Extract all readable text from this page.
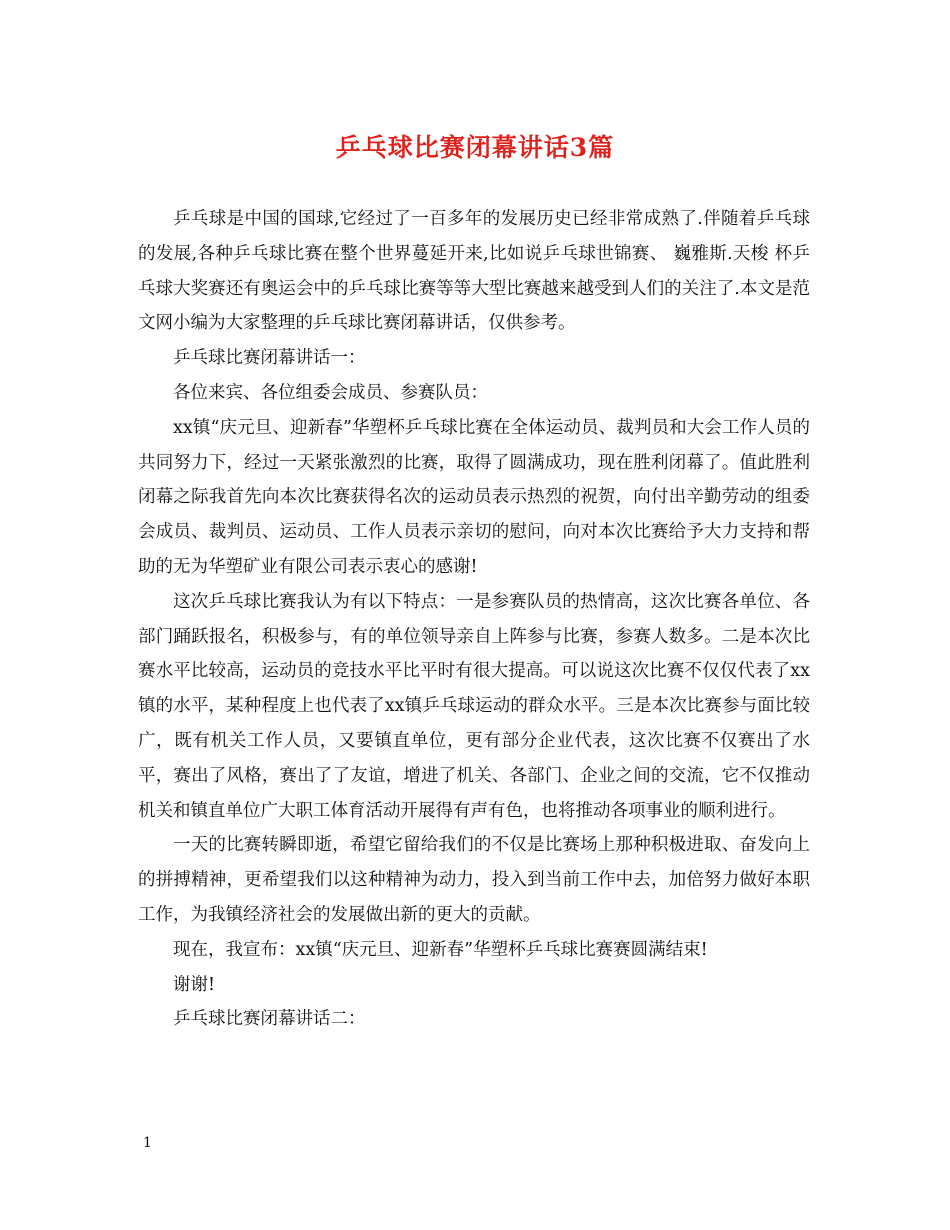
乒乓球比赛闭幕讲话3篇

乒乓球是中国的国球,它经过了一百多年的发展历史已经非常成熟了.伴随着乒乓球的发展,各种乒乓球比赛在整个世界蔓延开来,比如说乒乓球世锦赛、 巍雅斯.天梭 杯乒乓球大奖赛还有奥运会中的乒乓球比赛等等大型比赛越来越受到人们的关注了.本文是范文网小编为大家整理的乒乓球比赛闭幕讲话，仅供参考。

乒乓球比赛闭幕讲话一：

各位来宾、各位组委会成员、参赛队员：

xx镇“庆元旦、迎新春”华塑杯乒乓球比赛在全体运动员、裁判员和大会工作人员的共同努力下，经过一天紧张激烈的比赛，取得了圆满成功，现在胜利闭幕了。值此胜利闭幕之际我首先向本次比赛获得名次的运动员表示热烈的祝贺，向付出辛勤劳动的组委会成员、裁判员、运动员、工作人员表示亲切的慰问，向对本次比赛给予大力支持和帮助的无为华塑矿业有限公司表示衷心的感谢!

这次乒乓球比赛我认为有以下特点：一是参赛队员的热情高，这次比赛各单位、各部门踊跃报名，积极参与，有的单位领导亲自上阵参与比赛，参赛人数多。二是本次比赛水平比较高，运动员的竞技水平比平时有很大提高。可以说这次比赛不仅仅代表了xx镇的水平，某种程度上也代表了xx镇乒乓球运动的群众水平。三是本次比赛参与面比较广，既有机关工作人员，又要镇直单位，更有部分企业代表，这次比赛不仅赛出了水平，赛出了风格，赛出了了友谊，增进了机关、各部门、企业之间的交流，它不仅推动机关和镇直单位广大职工体育活动开展得有声有色，也将推动各项事业的顺利进行。

一天的比赛转瞬即逝，希望它留给我们的不仅是比赛场上那种积极进取、奋发向上的拼搏精神，更希望我们以这种精神为动力，投入到当前工作中去，加倍努力做好本职工作，为我镇经济社会的发展做出新的更大的贡献。

现在，我宣布：xx镇“庆元旦、迎新春”华塑杯乒乓球比赛赛圆满结束!

谢谢!

乒乓球比赛闭幕讲话二：

1
